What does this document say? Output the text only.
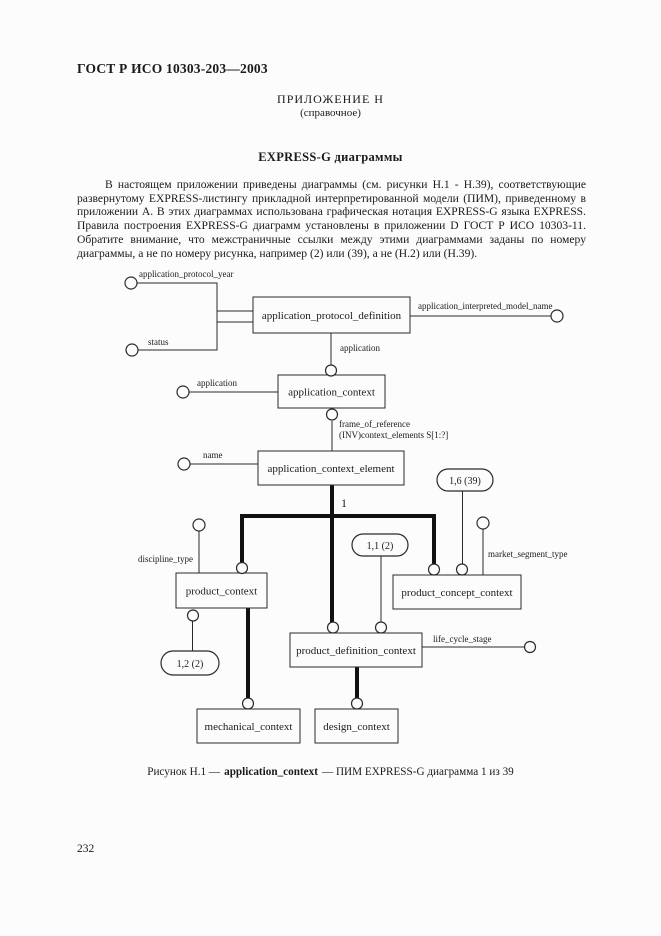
ГОСТ Р ИСО 10303-203—2003
ПРИЛОЖЕНИЕ Н
(справочное)
EXPRESS-G диаграммы
В настоящем приложении приведены диаграммы (см. рисунки Н.1 - Н.39), соответствующие развернутому EXPRESS-листингу прикладной интерпретированной модели (ПИМ), приведенному в приложении А. В этих диаграммах использована графическая нотация EXPRESS-G языка EXPRESS. Правила построения EXPRESS-G диаграмм установлены в приложении D ГОСТ Р ИСО 10303-11. Обратите внимание, что межстраничные ссылки между этими диаграммами заданы по номеру диаграммы, а не по номеру рисунка, например (2) или (39), а не (Н.2) или (Н.39).
application_protocol_definition
application_context
application_context_element
product_context	product_concept_context
product_definition_context
mechanical_context	design_context
1,6 (39)
1,1 (2)
1,2 (2)
application_protocol_year
status
application_interpreted_model_name
application
application
frame_of_reference
(INV)context_elements S[1:?]
name
1
discipline_type	market_segment_type
life_cycle_stage
Рисунок Н.1 — application_context — ПИМ EXPRESS-G диаграмма 1 из 39
232
